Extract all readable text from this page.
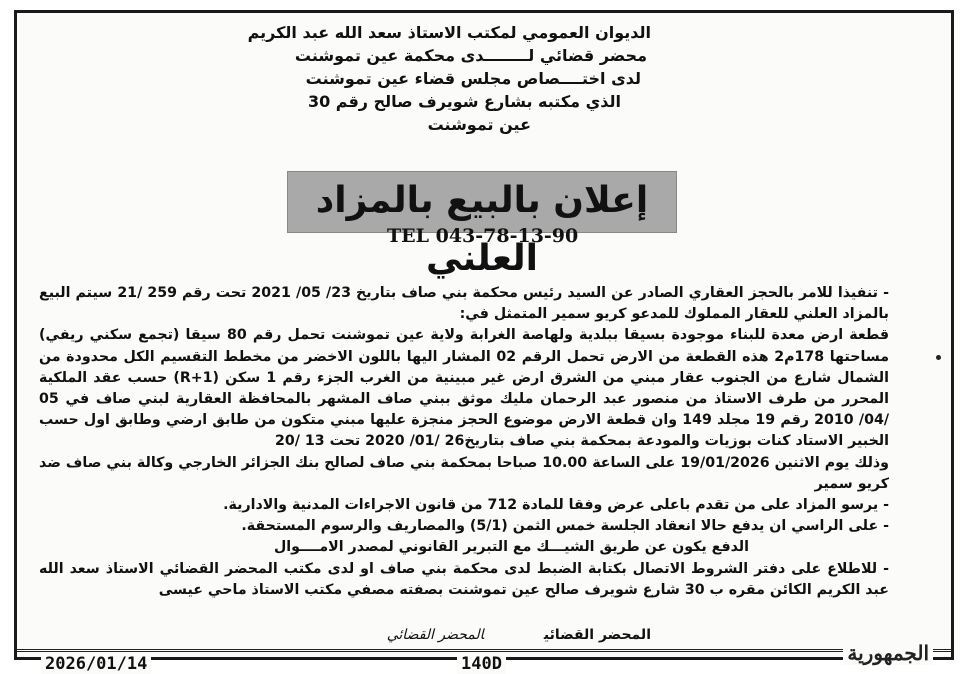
الديوان العمومي لمكتب الاستاذ سعد الله عبد الكريم
محضر قضائي لــــــــدى محكمة عين تموشنت
لدى اختــــصاص مجلس قضاء عين تموشنت
الذي مكتبه بشارع شويرف صالح رقم 30
عين تموشنت
إعلان بالبيع بالمزاد العلني
TEL 043-78-13-90

- تنفيذا للامر بالحجز العقاري الصادر عن السيد رئيس محكمة بني صاف بتاريخ 23/ 05/ 2021 تحت رقم 259 /21 سيتم البيع بالمزاد العلني للعقار المملوك للمدعو كريو سمير المتمثل في:

قطعة ارض معدة للبناء موجودة بسيقا ببلدية ولهاصة الغرابة ولاية عين تموشنت تحمل رقم 80 سيقا (تجمع سكني ريفي) مساحتها 178م2 هذه القطعة من الارض تحمل الرقم 02 المشار اليها باللون الاخضر من مخطط التقسيم الكل محدودة من الشمال شارع من الجنوب عقار مبني من الشرق ارض غير مبينية من الغرب الجزء رقم 1 سكن (R+1) حسب عقد الملكية المحرر من طرف الاستاذ من منصور عبد الرحمان مليك موثق ببني صاف المشهر بالمحافظة العقارية لبني صاف في 05 /04/ 2010 رقم 19 مجلد 149 وان قطعة الارض موضوع الحجز منجزة عليها مبني متكون من طابق ارضي وطابق اول حسب الخبير الاستاد كنات بوزيات والمودعة بمحكمة بني صاف بتاريخ26 /01/ 2020 تحت 13 /20

وذلك يوم الاثنين 19/01/2026 على الساعة 10.00 صباحا بمحكمة بني صاف لصالح بنك الجزائر الخارجي وكالة بني صاف ضد كريو سمير

- يرسو المزاد على من تقدم باعلى عرض وفقا للمادة 712 من قانون الاجراءات المدنية والادارية.

- على الراسي ان يدفع حالا انعقاد الجلسة خمس الثمن (5/1) والمصاريف والرسوم المستحقة.

الدفع يكون عن طريق الشيـــك مع التبرير القانوني لمصدر الامــــوال

- للاطلاع على دفتر الشروط الاتصال بكتابة الضبط لدى محكمة بني صاف او لدى مكتب المحضر القضائي الاستاذ سعد الله عبد الكريم الكائن مقره ب 30 شارع شويرف صالح عين تموشنت بصفته مصفي مكتب الاستاذ ماحي عيسى

المحضر القضائيالمحضر القضائي
2026/01/14	140D	الجمهورية
